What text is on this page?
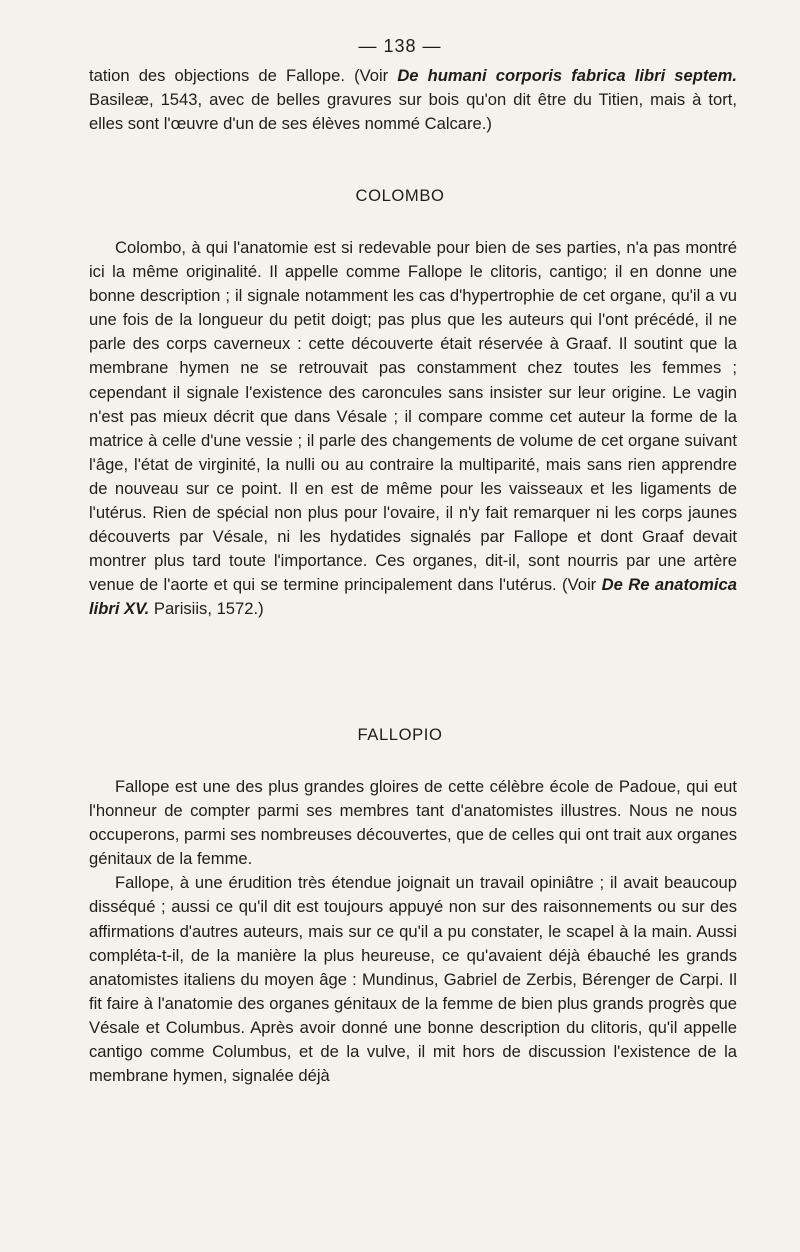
— 138 —

tation des objections de Fallope. (Voir De humani corporis fabrica libri septem. Basileæ, 1543, avec de belles gravures sur bois qu'on dit être du Titien, mais à tort, elles sont l'œuvre d'un de ses élèves nommé Calcare.)

COLOMBO

Colombo, à qui l'anatomie est si redevable pour bien de ses parties, n'a pas montré ici la même originalité. Il appelle comme Fallope le clitoris, cantigo; il en donne une bonne description ; il signale notamment les cas d'hypertrophie de cet organe, qu'il a vu une fois de la longueur du petit doigt; pas plus que les auteurs qui l'ont précédé, il ne parle des corps caverneux : cette découverte était réservée à Graaf. Il soutint que la membrane hymen ne se retrouvait pas constamment chez toutes les femmes ; cependant il signale l'existence des caroncules sans insister sur leur origine. Le vagin n'est pas mieux décrit que dans Vésale ; il compare comme cet auteur la forme de la matrice à celle d'une vessie ; il parle des changements de volume de cet organe suivant l'âge, l'état de virginité, la nulli ou au contraire la multiparité, mais sans rien apprendre de nouveau sur ce point. Il en est de même pour les vaisseaux et les ligaments de l'utérus. Rien de spécial non plus pour l'ovaire, il n'y fait remarquer ni les corps jaunes découverts par Vésale, ni les hydatides signalés par Fallope et dont Graaf devait montrer plus tard toute l'importance. Ces organes, dit-il, sont nourris par une artère venue de l'aorte et qui se termine principalement dans l'utérus. (Voir De Re anatomica libri XV. Parisiis, 1572.)

FALLOPIO

Fallope est une des plus grandes gloires de cette célèbre école de Padoue, qui eut l'honneur de compter parmi ses membres tant d'anatomistes illustres. Nous ne nous occuperons, parmi ses nombreuses découvertes, que de celles qui ont trait aux organes génitaux de la femme.

Fallope, à une érudition très étendue joignait un travail opiniâtre ; il avait beaucoup disséqué ; aussi ce qu'il dit est toujours appuyé non sur des raisonnements ou sur des affirmations d'autres auteurs, mais sur ce qu'il a pu constater, le scapel à la main. Aussi compléta-t-il, de la manière la plus heureuse, ce qu'avaient déjà ébauché les grands anatomistes italiens du moyen âge : Mundinus, Gabriel de Zerbis, Bérenger de Carpi. Il fit faire à l'anatomie des organes génitaux de la femme de bien plus grands progrès que Vésale et Columbus. Après avoir donné une bonne description du clitoris, qu'il appelle cantigo comme Columbus, et de la vulve, il mit hors de discussion l'existence de la membrane hymen, signalée déjà
